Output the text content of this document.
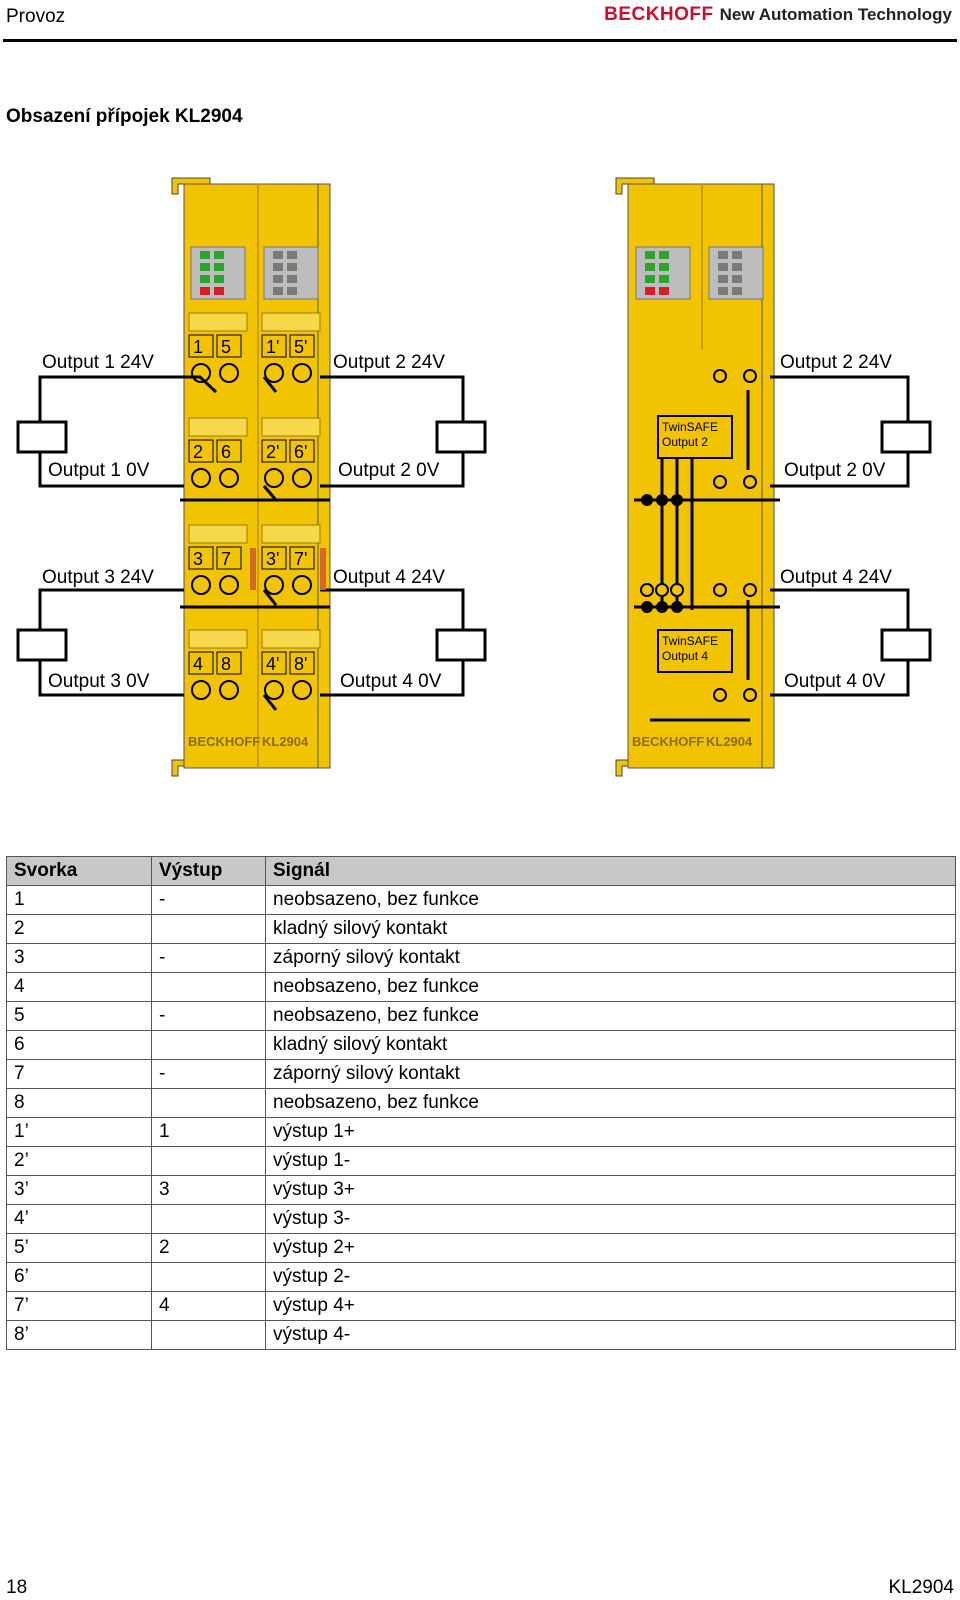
Provoz	BECKHOFF New Automation Technology
Obsazení přípojek KL2904
1 5 1' 5'
2 6 2' 6'
3 7 3' 7'
4 8 4' 8'
Output 1 24V
Output 1 0V
Output 3 24V
Output 3 0V
Output 2 24V
Output 2 0V
Output 4 24V
Output 4 0V
BECKHOFF KL2904
TwinSAFE
Output 2
TwinSAFE
Output 4
Output 2 24V
Output 2 0V
Output 4 24V
Output 4 0V
BECKHOFF KL2904
Svorka	Výstup	Signál
1	-	neobsazeno, bez funkce
2		kladný silový kontakt
3	-	záporný silový kontakt
4		neobsazeno, bez funkce
5	-	neobsazeno, bez funkce
6		kladný silový kontakt
7	-	záporný silový kontakt
8		neobsazeno, bez funkce
1’	1	výstup 1+
2’		výstup 1-
3’	3	výstup 3+
4’		výstup 3-
5’	2	výstup 2+
6’		výstup 2-
7’	4	výstup 4+
8’		výstup 4-
18	KL2904
